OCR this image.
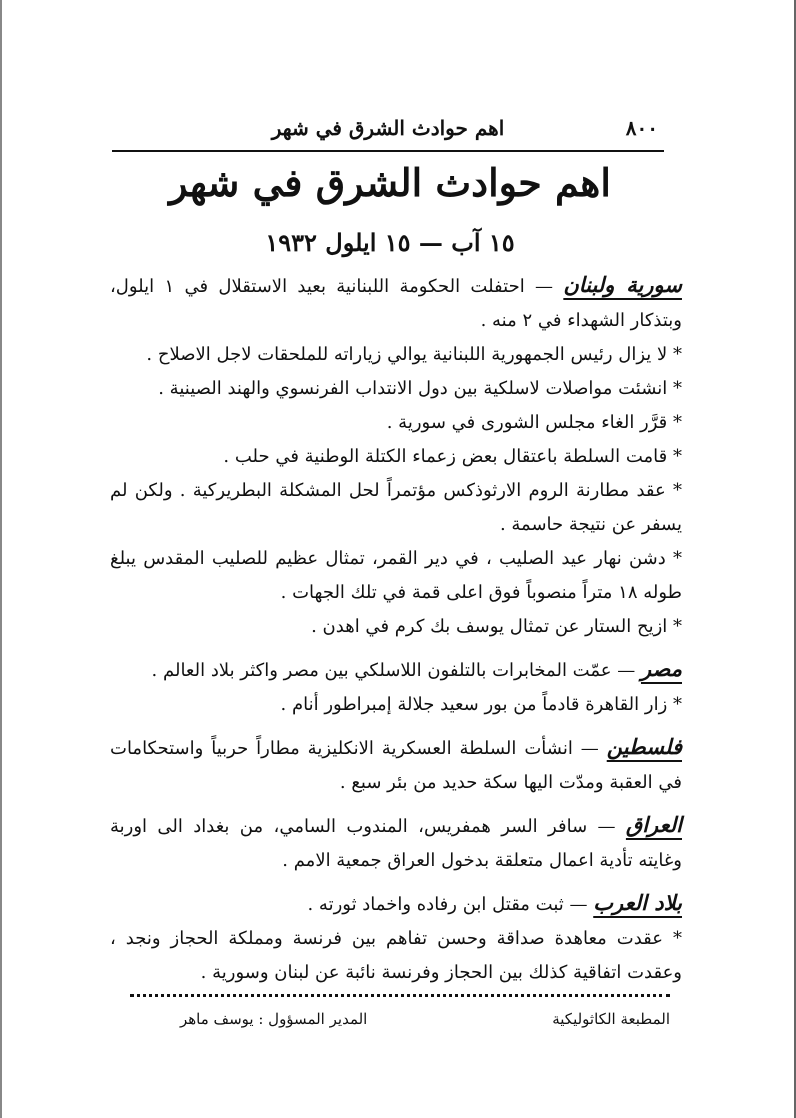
٨٠٠
اهم حوادث الشرق في شهر
اهم حوادث الشرق في شهر
١٥ آب — ١٥ ايلول ١٩٣٢

سورية ولبنان — احتفلت الحكومة اللبنانية بعيد الاستقلال في ١ ايلول، وبتذكار الشهداء في ٢ منه .

* لا يزال رئيس الجمهورية اللبنانية يوالي زياراته للملحقات لاجل الاصلاح .

* انشئت مواصلات لاسلكية بين دول الانتداب الفرنسوي والهند الصينية .

* قرَّر الغاء مجلس الشورى في سورية .

* قامت السلطة باعتقال بعض زعماء الكتلة الوطنية في حلب .

* عقد مطارنة الروم الارثوذكس مؤتمراً لحل المشكلة البطريركية . ولكن لم يسفر عن نتيجة حاسمة .

* دشن نهار عيد الصليب ، في دير القمر، تمثال عظيم للصليب المقدس يبلغ طوله ١٨ متراً منصوباً فوق اعلى قمة في تلك الجهات .

* ازيح الستار عن تمثال يوسف بك كرم في اهدن .

مصر — عمّت المخابرات بالتلفون اللاسلكي بين مصر واكثر بلاد العالم .

* زار القاهرة قادماً من بور سعيد جلالة إمبراطور أنام .

فلسطين — انشأت السلطة العسكرية الانكليزية مطاراً حربياً واستحكامات في العقبة ومدّت اليها سكة حديد من بئر سبع .

العراق — سافر السر همفريس، المندوب السامي، من بغداد الى اوربة وغايته تأدية اعمال متعلقة بدخول العراق جمعية الامم .

بلاد العرب — ثبت مقتل ابن رفاده واخماد ثورته .

* عقدت معاهدة صداقة وحسن تفاهم بين فرنسة ومملكة الحجاز ونجد ، وعقدت اتفاقية كذلك بين الحجاز وفرنسة نائبة عن لبنان وسورية .

المطبعة الكاثوليكية
المدير المسؤول : يوسف ماهر
